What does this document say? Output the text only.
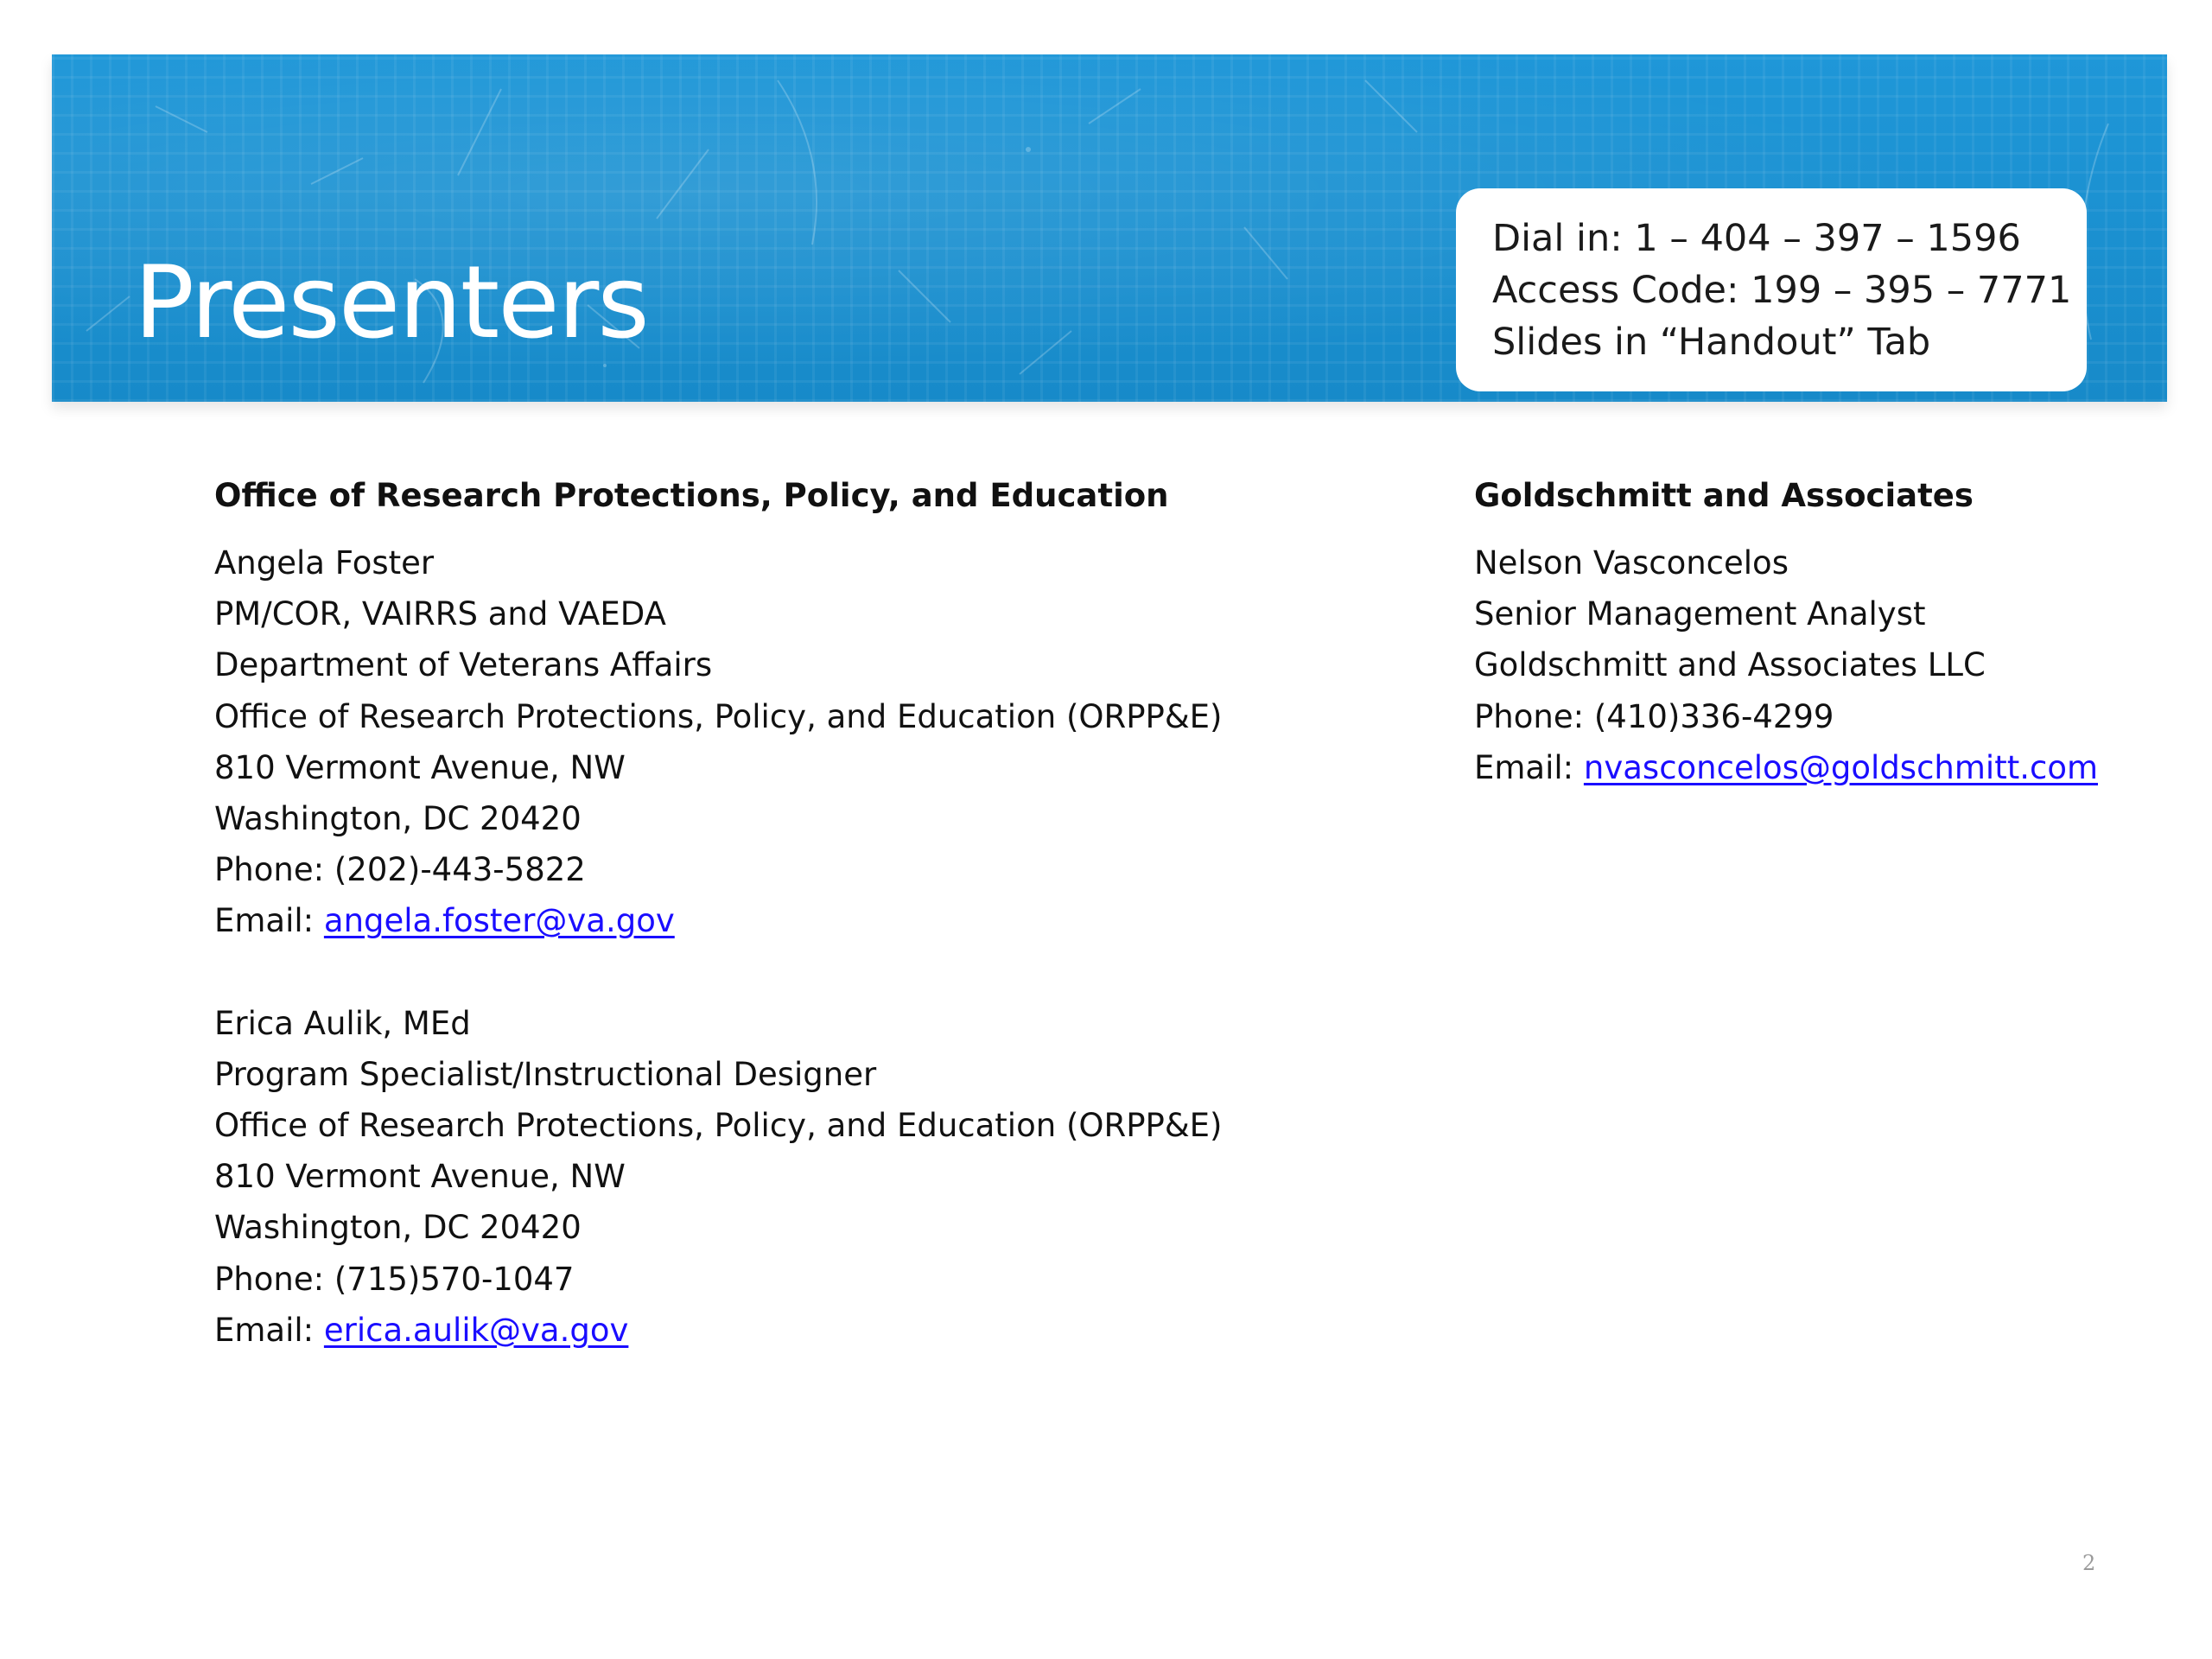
Presenters
Dial in: 1 – 404 – 397 – 1596
Access Code: 199 – 395 – 7771
Slides in “Handout” Tab
Office of Research Protections, Policy, and Education
Angela Foster
PM/COR, VAIRRS and VAEDA
Department of Veterans Affairs
Office of Research Protections, Policy, and Education (ORPP&E)
810 Vermont Avenue, NW
Washington, DC 20420
Phone: (202)-443-5822
Email: angela.foster@va.gov
Erica Aulik, MEd
Program Specialist/Instructional Designer
Office of Research Protections, Policy, and Education (ORPP&E)
810 Vermont Avenue, NW
Washington, DC 20420
Phone: (715)570-1047
Email: erica.aulik@va.gov
Goldschmitt and Associates
Nelson Vasconcelos
Senior Management Analyst
Goldschmitt and Associates LLC
Phone: (410)336-4299
Email: nvasconcelos@goldschmitt.com
2
